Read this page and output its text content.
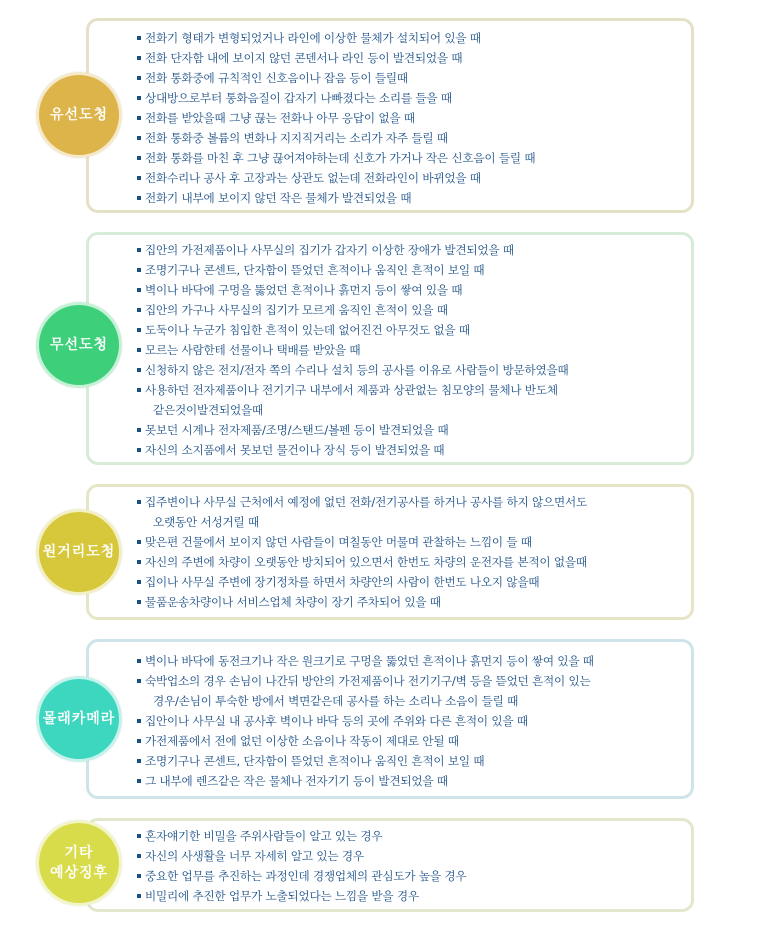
전화기 형태가 변형되었거나 라인에 이상한 물체가 설치되어 있을 때
전화 단자함 내에 보이지 않던 콘덴서나 라인 등이 발견되었을 때
전화 통화중에 규칙적인 신호음이나 잡음 등이 들릴때
상대방으로부터 통화음질이 갑자기 나빠졌다는 소리를 들을 때
전화를 받았을때 그냥 끊는 전화나 아무 응답이 없을 때
전화 통화중 볼륨의 변화나 지지직거리는 소리가 자주 들릴 때
전화 통화를 마친 후 그냥 끊어져야하는데 신호가 가거나 작은 신호음이 들릴 때
전화수리나 공사 후 고장과는 상관도 없는데 전화라인이 바뀌었을 때
전화기 내부에 보이지 않던 작은 물체가 발견되었을 때
유선도청
집안의 가전제품이나 사무실의 집기가 갑자기 이상한 장애가 발견되었을 때
조명기구나 콘센트, 단자함이 뜯었던 흔적이나 움직인 흔적이 보일 때
벽이나 바닥에 구멍을 뚫었던 흔적이나 흙먼지 등이 쌓여 있을 때
집안의 가구나 사무실의 집기가 모르게 움직인 흔적이 있을 때
도둑이나 누군가 침입한 흔적이 있는데 없어진건 아무것도 없을 때
모르는 사람한테 선물이나 택배를 받았을 때
신청하지 않은 전지/전자 쪽의 수리나 설치 등의 공사를 이유로 사람들이 방문하였을때
사용하던 전자제품이나 전기기구 내부에서 제품과 상관없는 침모양의 물체나 반도체
같은것이발견되었을때
못보던 시계나 전자제품/조명/스탠드/볼펜 등이 발견되었을 때
자신의 소지품에서 못보던 물건이나 장식 등이 발견되었을 때
무선도청
집주변이나 사무실 근처에서 예정에 없던 전화/전기공사를 하거나 공사를 하지 않으면서도
오랫동안 서성거릴 때
맞은편 건물에서 보이지 않던 사람들이 며칠동안 머물며 관찰하는 느낌이 들 때
자신의 주변에 차량이 오랫동안 방치되어 있으면서 한번도 차량의 운전자를 본적이 없을때
집이나 사무실 주변에 장기정차를 하면서 차량안의 사람이 한번도 나오지 않을때
물품운송차량이나 서비스업체 차량이 장기 주차되어 있을 때
원거리도청
벽이나 바닥에 동전크기나 작은 원크기로 구멍을 뚫었던 흔적이나 흙먼지 등이 쌓여 있을 때
숙박업소의 경우 손님이 나간뒤 방안의 가전제품이나 전기기구/벽 등을 뜯었던 흔적이 있는
경우/손님이 투숙한 방에서 벽면같은데 공사를 하는 소리나 소음이 들릴 때
집안이나 사무실 내 공사후 벽이나 바닥 등의 곳에 주위와 다른 흔적이 있을 때
가전제품에서 전에 없던 이상한 소음이나 작동이 제대로 안될 때
조명기구나 콘센트, 단자함이 뜯었던 흔적이나 움직인 흔적이 보일 때
그 내부에 렌즈같은 작은 물체나 전자기기 등이 발견되었을 때
몰래카메라
혼자얘기한 비밀을 주위사람들이 알고 있는 경우
자신의 사생활을 너무 자세히 알고 있는 경우
중요한 업무를 추진하는 과정인데 경쟁업체의 관심도가 높을 경우
비밀리에 추진한 업무가 노출되었다는 느낌을 받을 경우
기타
예상징후
